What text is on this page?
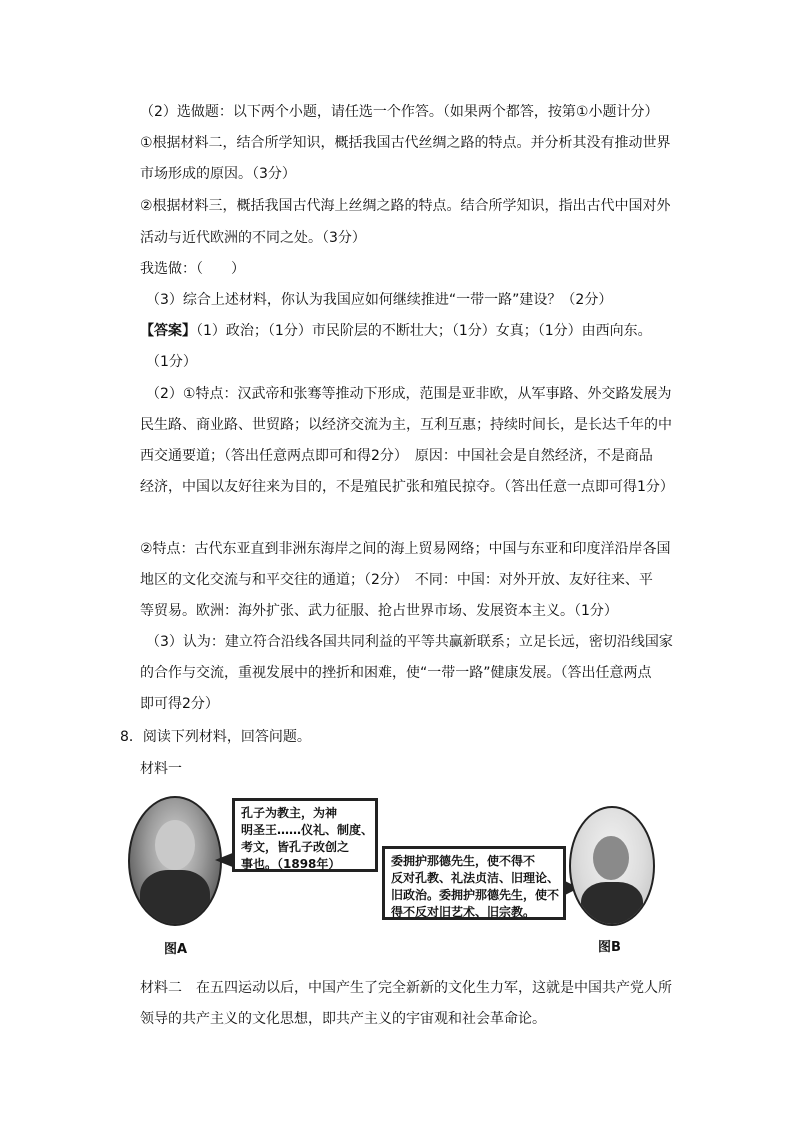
（2）选做题：以下两个小题，请任选一个作答。（如果两个都答，按第①小题计分）
①根据材料二，结合所学知识，概括我国古代丝绸之路的特点。并分析其没有推动世界
市场形成的原因。（3分）
②根据材料三，概括我国古代海上丝绸之路的特点。结合所学知识，指出古代中国对外
活动与近代欧洲的不同之处。（3分）
我选做：（　　）
（3）综合上述材料，你认为我国应如何继续推进“一带一路”建设？（2分）
【答案】（1）政治；（1分）市民阶层的不断壮大；（1分）女真；（1分）由西向东。
（1分）
（2）①特点：汉武帝和张骞等推动下形成，范围是亚非欧，从军事路、外交路发展为
民生路、商业路、世贸路；以经济交流为主，互利互惠；持续时间长，是长达千年的中
西交通要道；（答出任意两点即可和得2分）　原因：中国社会是自然经济，不是商品
经济，中国以友好往来为目的，不是殖民扩张和殖民掠夺。（答出任意一点即可得1分）
②特点：古代东亚直到非洲东海岸之间的海上贸易网络；中国与东亚和印度洋沿岸各国
地区的文化交流与和平交往的通道；（2分）　不同：中国：对外开放、友好往来、平
等贸易。欧洲：海外扩张、武力征服、抢占世界市场、发展资本主义。（1分）
（3）认为：建立符合沿线各国共同利益的平等共赢新联系；立足长远，密切沿线国家
的合作与交流，重视发展中的挫折和困难，使“一带一路”健康发展。（答出任意两点
即可得2分）
8．阅读下列材料，回答问题。
材料一
孔子为教主，为神
明圣王……仪礼、制度、
考文，皆孔子改创之
事也。（1898年）
图A
委拥护那德先生，使不得不
反对孔教、礼法贞洁、旧理论、
旧政治。委拥护那德先生，使不
得不反对旧艺术、旧宗教。
图B
材料二　在五四运动以后，中国产生了完全新新的文化生力军，这就是中国共产党人所
领导的共产主义的文化思想，即共产主义的宇宙观和社会革命论。
